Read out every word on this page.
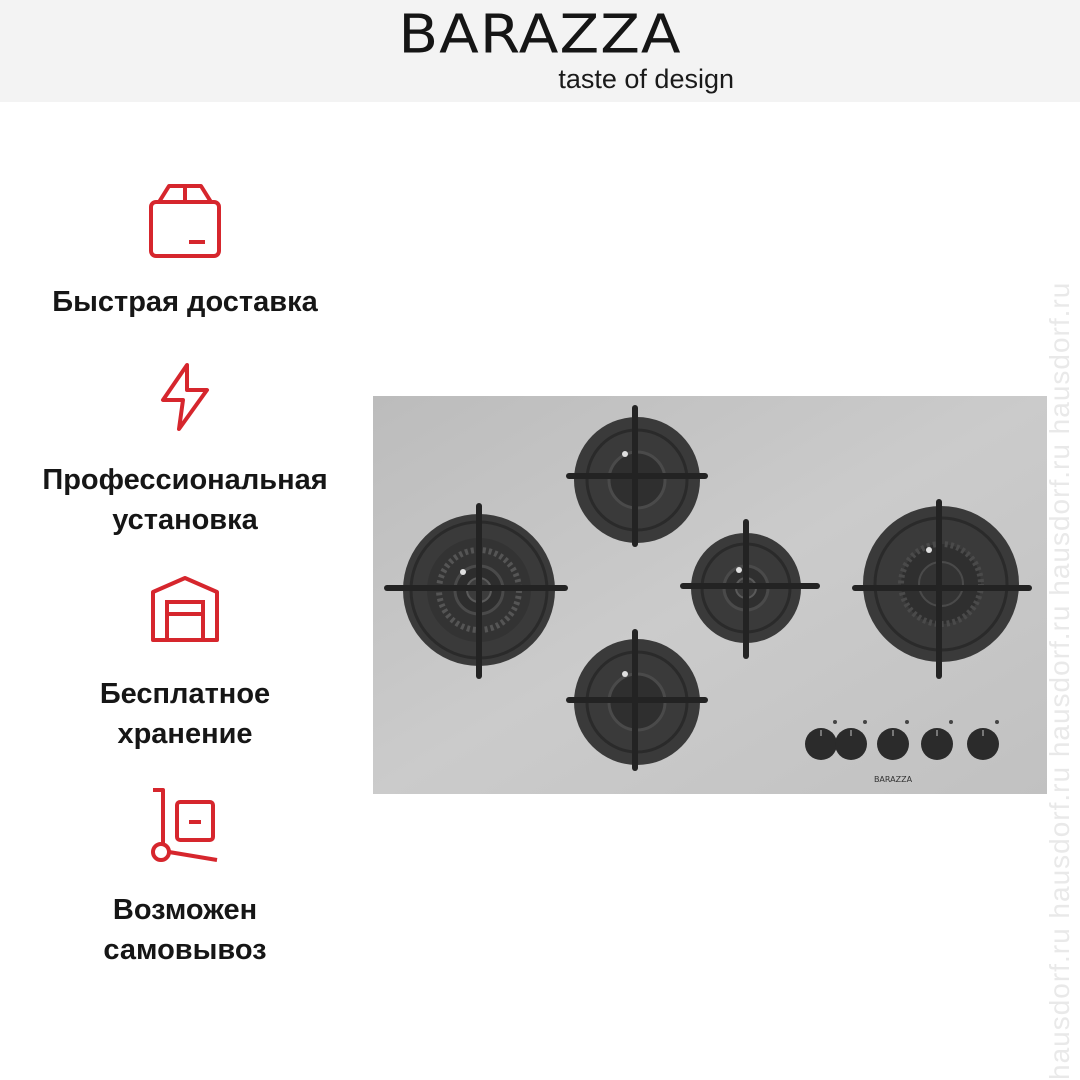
BARAZZA
taste of design
Быстрая доставка
Профессиональная
установка
Бесплатное
хранение
Возможен
самовывоз
BARAZZA	hausdorf.ru hausdorf.ru hausdorf.ru hausdorf.ru hausdorf.ru
